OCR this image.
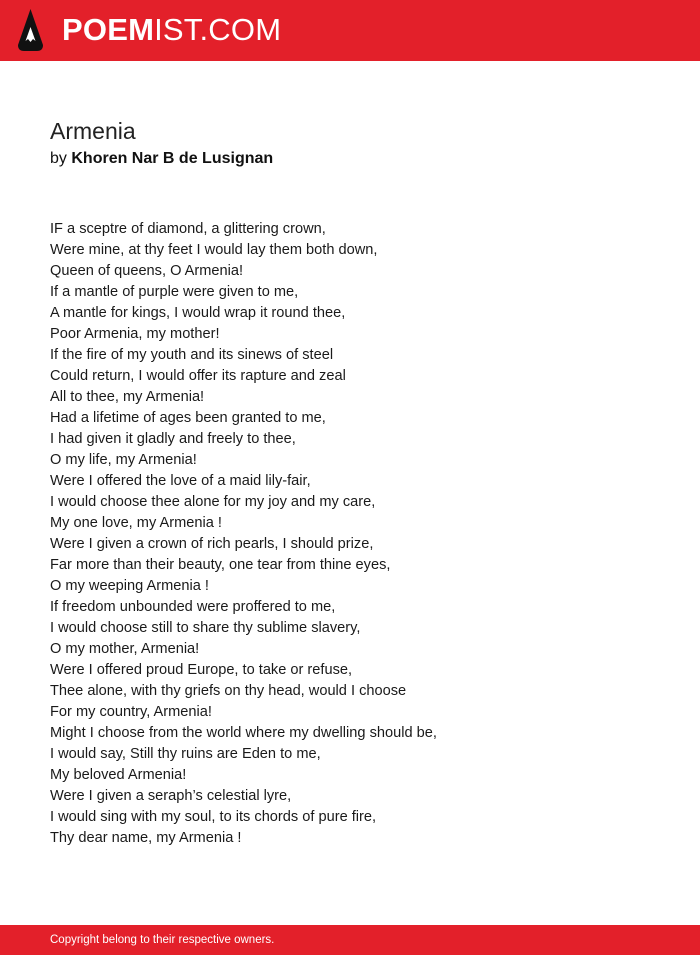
POEMIST.COM
Armenia
by Khoren Nar B de Lusignan
IF a sceptre of diamond, a glittering crown,
Were mine, at thy feet I would lay them both down,
Queen of queens, O Armenia!
If a mantle of purple were given to me,
A mantle for kings, I would wrap it round thee,
Poor Armenia, my mother!
If the fire of my youth and its sinews of steel
Could return, I would offer its rapture and zeal
All to thee, my Armenia!
Had a lifetime of ages been granted to me,
I had given it gladly and freely to thee,
O my life, my Armenia!
Were I offered the love of a maid lily-fair,
I would choose thee alone for my joy and my care,
My one love, my Armenia !
Were I given a crown of rich pearls, I should prize,
Far more than their beauty, one tear from thine eyes,
O my weeping Armenia !
If freedom unbounded were proffered to me,
I would choose still to share thy sublime slavery,
O my mother, Armenia!
Were I offered proud Europe, to take or refuse,
Thee alone, with thy griefs on thy head, would I choose
For my country, Armenia!
Might I choose from the world where my dwelling should be,
I would say, Still thy ruins are Eden to me,
My beloved Armenia!
Were I given a seraph’s celestial lyre,
I would sing with my soul, to its chords of pure fire,
Thy dear name, my Armenia !
Copyright belong to their respective owners.
